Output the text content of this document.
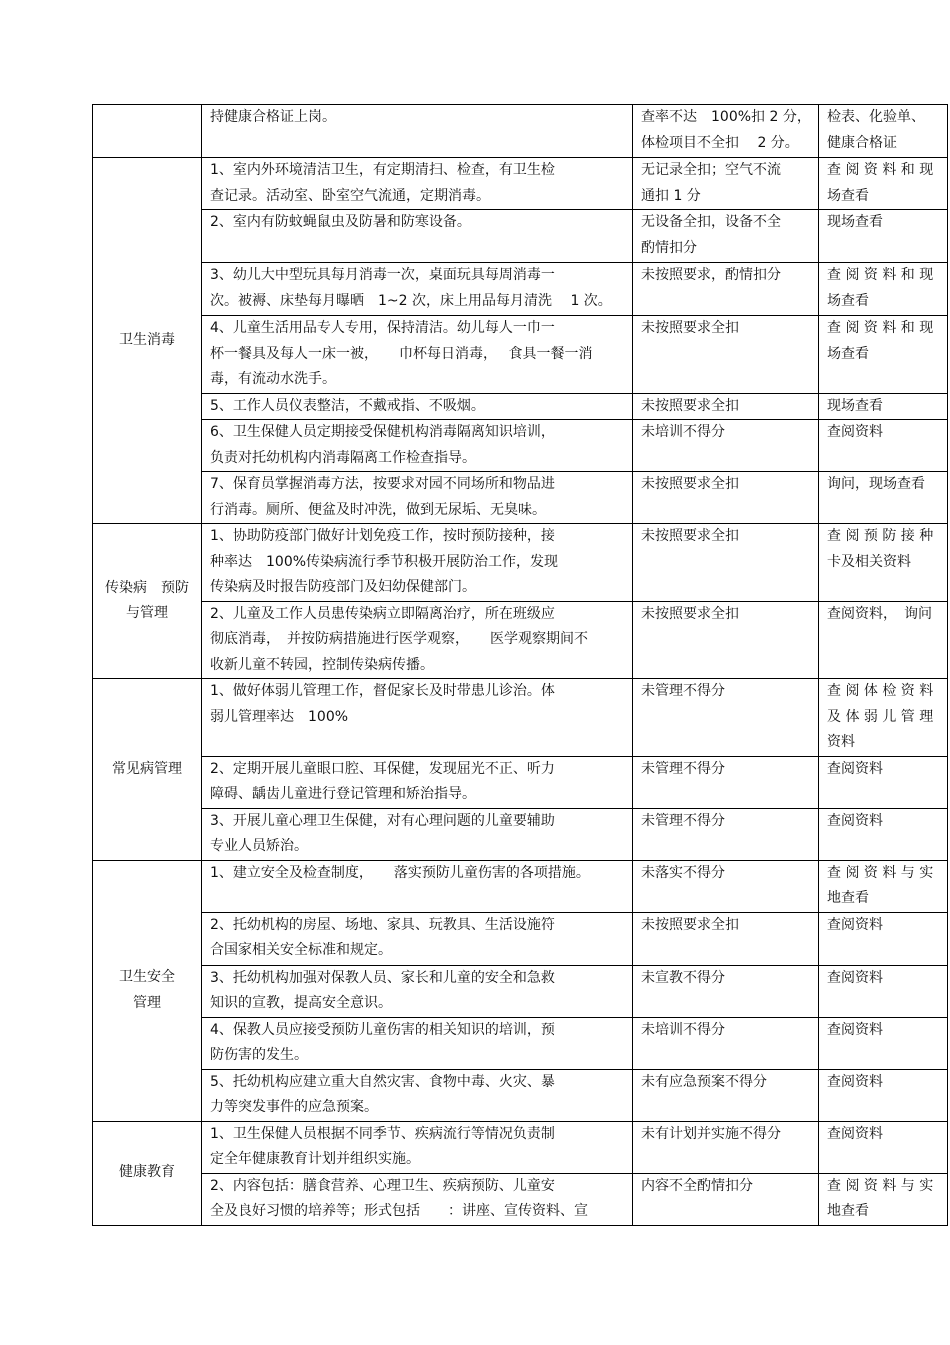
	持健康合格证上岗。	查率不达　100%扣 2 分，
体检项目不全扣　 2 分。	检表、化验单、
健康合格证

卫生消毒	1、室内外环境清洁卫生，有定期清扫、检查，有卫生检
查记录。活动室、卧室空气流通，定期消毒。	无记录全扣；空气不流
通扣 1 分	查 阅 资 料 和 现
场查看

	2、室内有防蚊蝇鼠虫及防暑和防寒设备。	无设备全扣，设备不全
酌情扣分	现场查看

	3、幼儿大中型玩具每月消毒一次，桌面玩具每周消毒一
次。被褥、床垫每月曝晒　1~2 次，床上用品每月清洗　 1 次。	未按照要求，酌情扣分	查 阅 资 料 和 现
场查看

	4、儿童生活用品专人专用，保持清洁。幼儿每人一巾一
杯一餐具及每人一床一被，　　巾杯每日消毒，　 食具一餐一消
毒，有流动水洗手。	未按照要求全扣	查 阅 资 料 和 现
场查看

	5、工作人员仪表整洁，不戴戒指、不吸烟。	未按照要求全扣	现场查看

	6、卫生保健人员定期接受保健机构消毒隔离知识培训，
负责对托幼机构内消毒隔离工作检查指导。	未培训不得分	查阅资料

	7、保育员掌握消毒方法，按要求对园不同场所和物品进
行消毒。厕所、便盆及时冲洗，做到无尿垢、无臭味。	未按照要求全扣	询问，现场查看

传染病　预防
与管理	1、协助防疫部门做好计划免疫工作，按时预防接种，接
种率达　100%传染病流行季节积极开展防治工作，发现
传染病及时报告防疫部门及妇幼保健部门。	未按照要求全扣	查 阅 预 防 接 种
卡及相关资料

	2、儿童及工作人员患传染病立即隔离治疗，所在班级应
彻底消毒，　并按防病措施进行医学观察，　　医学观察期间不
收新儿童不转园，控制传染病传播。	未按照要求全扣	查阅资料，　询问

常见病管理	1、做好体弱儿管理工作，督促家长及时带患儿诊治。体
弱儿管理率达　100%	未管理不得分	查 阅 体 检 资 料
及 体 弱 儿 管 理
资料

	2、定期开展儿童眼口腔、耳保健，发现屈光不正、听力
障碍、龋齿儿童进行登记管理和矫治指导。	未管理不得分	查阅资料

	3、开展儿童心理卫生保健，对有心理问题的儿童要辅助
专业人员矫治。	未管理不得分	查阅资料

卫生安全
管理	1、建立安全及检查制度，　　落实预防儿童伤害的各项措施。	未落实不得分	查 阅 资 料 与 实
地查看

	2、托幼机构的房屋、场地、家具、玩教具、生活设施符
合国家相关安全标准和规定。	未按照要求全扣	查阅资料

	3、托幼机构加强对保教人员、家长和儿童的安全和急救
知识的宣教，提高安全意识。	未宣教不得分	查阅资料

	4、保教人员应接受预防儿童伤害的相关知识的培训，预
防伤害的发生。	未培训不得分	查阅资料

	5、托幼机构应建立重大自然灾害、食物中毒、火灾、暴
力等突发事件的应急预案。	未有应急预案不得分	查阅资料

健康教育	1、卫生保健人员根据不同季节、疾病流行等情况负责制
定全年健康教育计划并组织实施。	未有计划并实施不得分	查阅资料

	2、内容包括：膳食营养、心理卫生、疾病预防、儿童安
全及良好习惯的培养等；形式包括　　：讲座、宣传资料、宣	内容不全酌情扣分	查 阅 资 料 与 实
地查看
